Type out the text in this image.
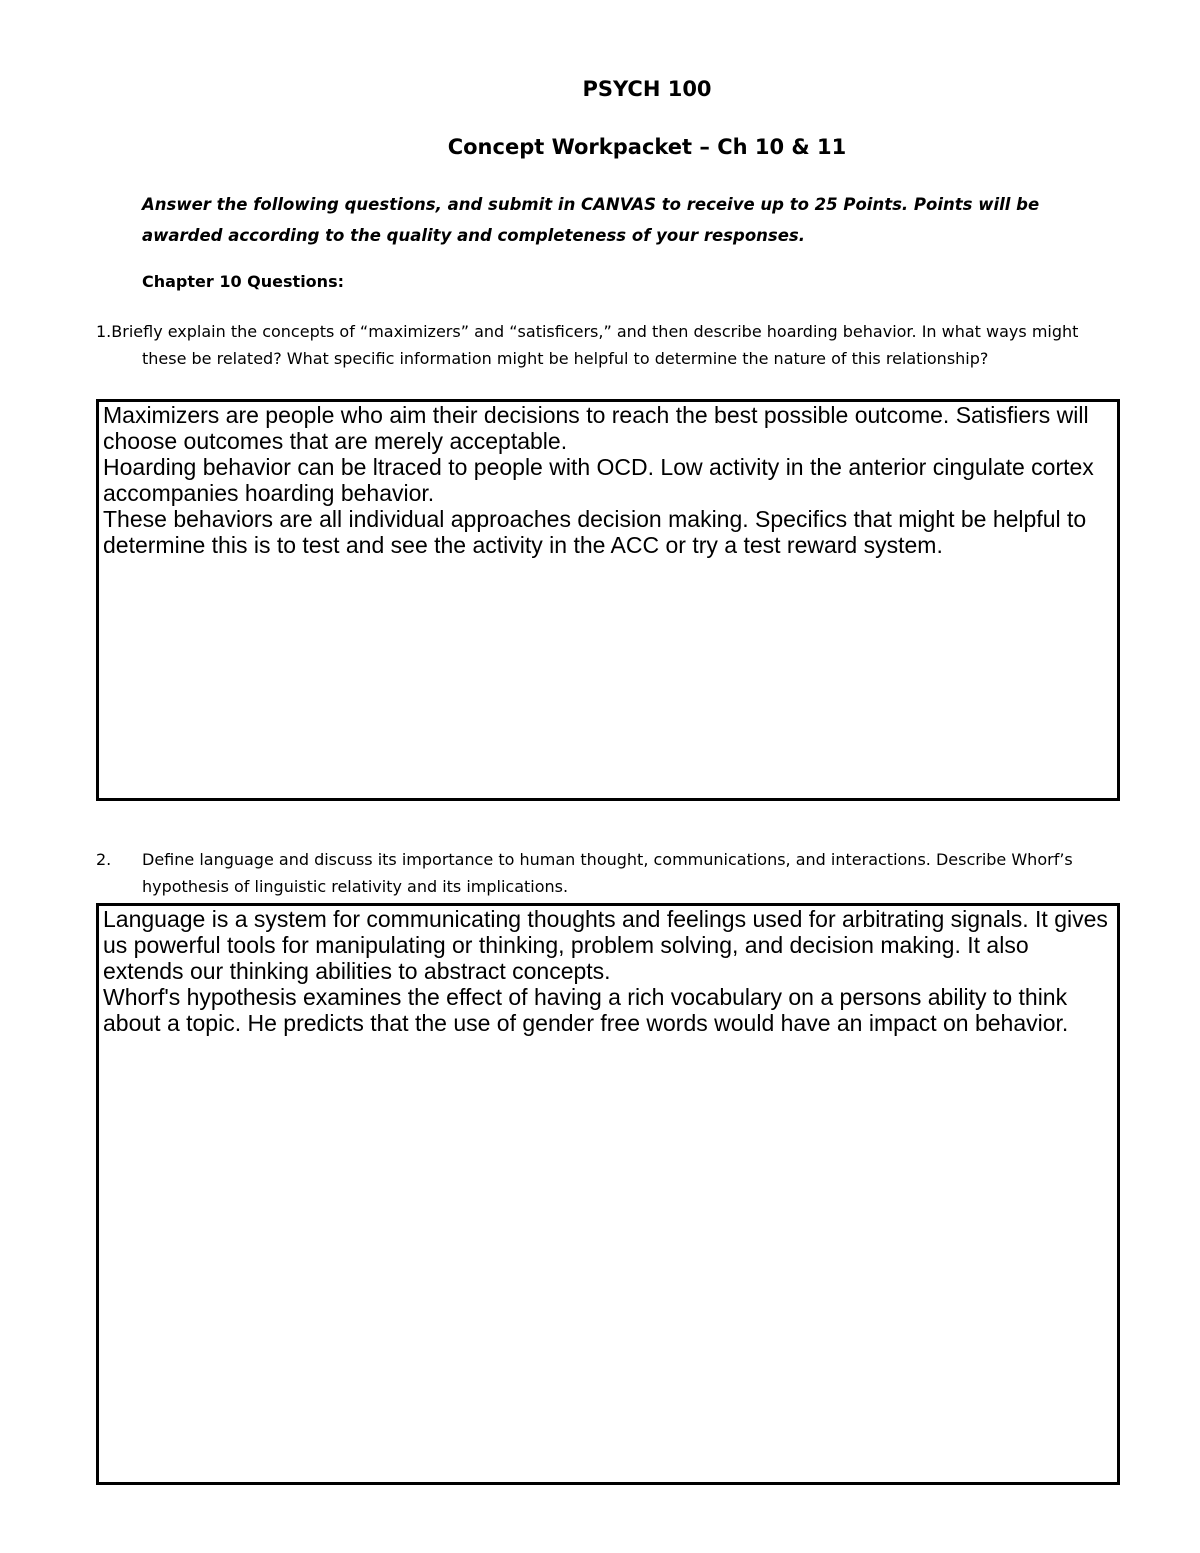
PSYCH 100
Concept Workpacket – Ch 10 & 11
Answer the following questions, and submit in CANVAS to receive up to 25 Points. Points will be awarded according to the quality and completeness of your responses.
Chapter 10 Questions:
1.Briefly explain the concepts of “maximizers” and “satisficers,” and then describe hoarding behavior. In what ways might these be related? What specific information might be helpful to determine the nature of this relationship?
Maximizers are people who aim their decisions to reach the best possible outcome. Satisfiers will choose outcomes that are merely acceptable.
Hoarding behavior can be ltraced to people with OCD. Low activity in the anterior cingulate cortex accompanies hoarding behavior.
These behaviors are all individual approaches decision making. Specifics that might be helpful to determine this is to test and see the activity in the ACC or try a test reward system.
2. Define language and discuss its importance to human thought, communications, and interactions. Describe Whorf’s hypothesis of linguistic relativity and its implications.
Language is a system for communicating thoughts and feelings used for arbitrating signals. It gives us powerful tools for manipulating or thinking, problem solving, and decision making. It also extends our thinking abilities to abstract concepts.
Whorf's hypothesis examines the effect of having a rich vocabulary on a persons ability to think about a topic. He predicts that the use of gender free words would have an impact on behavior.
